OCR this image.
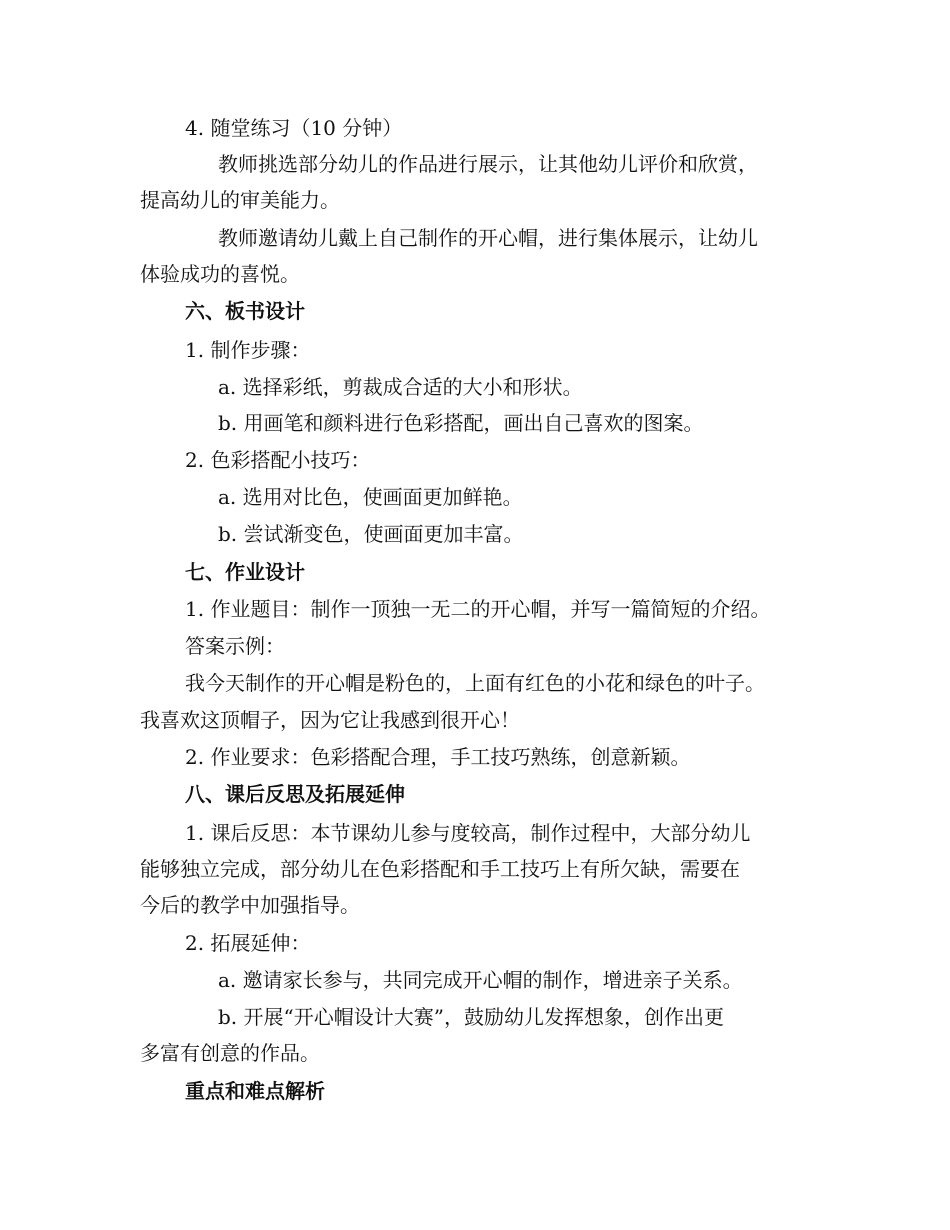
4. 随堂练习（10 分钟）

教师挑选部分幼儿的作品进行展示，让其他幼儿评价和欣赏，

提高幼儿的审美能力。

教师邀请幼儿戴上自己制作的开心帽，进行集体展示，让幼儿

体验成功的喜悦。

六、板书设计

1. 制作步骤：

a. 选择彩纸，剪裁成合适的大小和形状。

b. 用画笔和颜料进行色彩搭配，画出自己喜欢的图案。

2. 色彩搭配小技巧：

a. 选用对比色，使画面更加鲜艳。

b. 尝试渐变色，使画面更加丰富。

七、作业设计

1. 作业题目：制作一顶独一无二的开心帽，并写一篇简短的介绍。

答案示例：

我今天制作的开心帽是粉色的，上面有红色的小花和绿色的叶子。

我喜欢这顶帽子，因为它让我感到很开心！

2. 作业要求：色彩搭配合理，手工技巧熟练，创意新颖。

八、课后反思及拓展延伸

1. 课后反思：本节课幼儿参与度较高，制作过程中，大部分幼儿

能够独立完成，部分幼儿在色彩搭配和手工技巧上有所欠缺，需要在

今后的教学中加强指导。

2. 拓展延伸：

a. 邀请家长参与，共同完成开心帽的制作，增进亲子关系。

b. 开展“开心帽设计大赛”，鼓励幼儿发挥想象，创作出更

多富有创意的作品。

重点和难点解析
